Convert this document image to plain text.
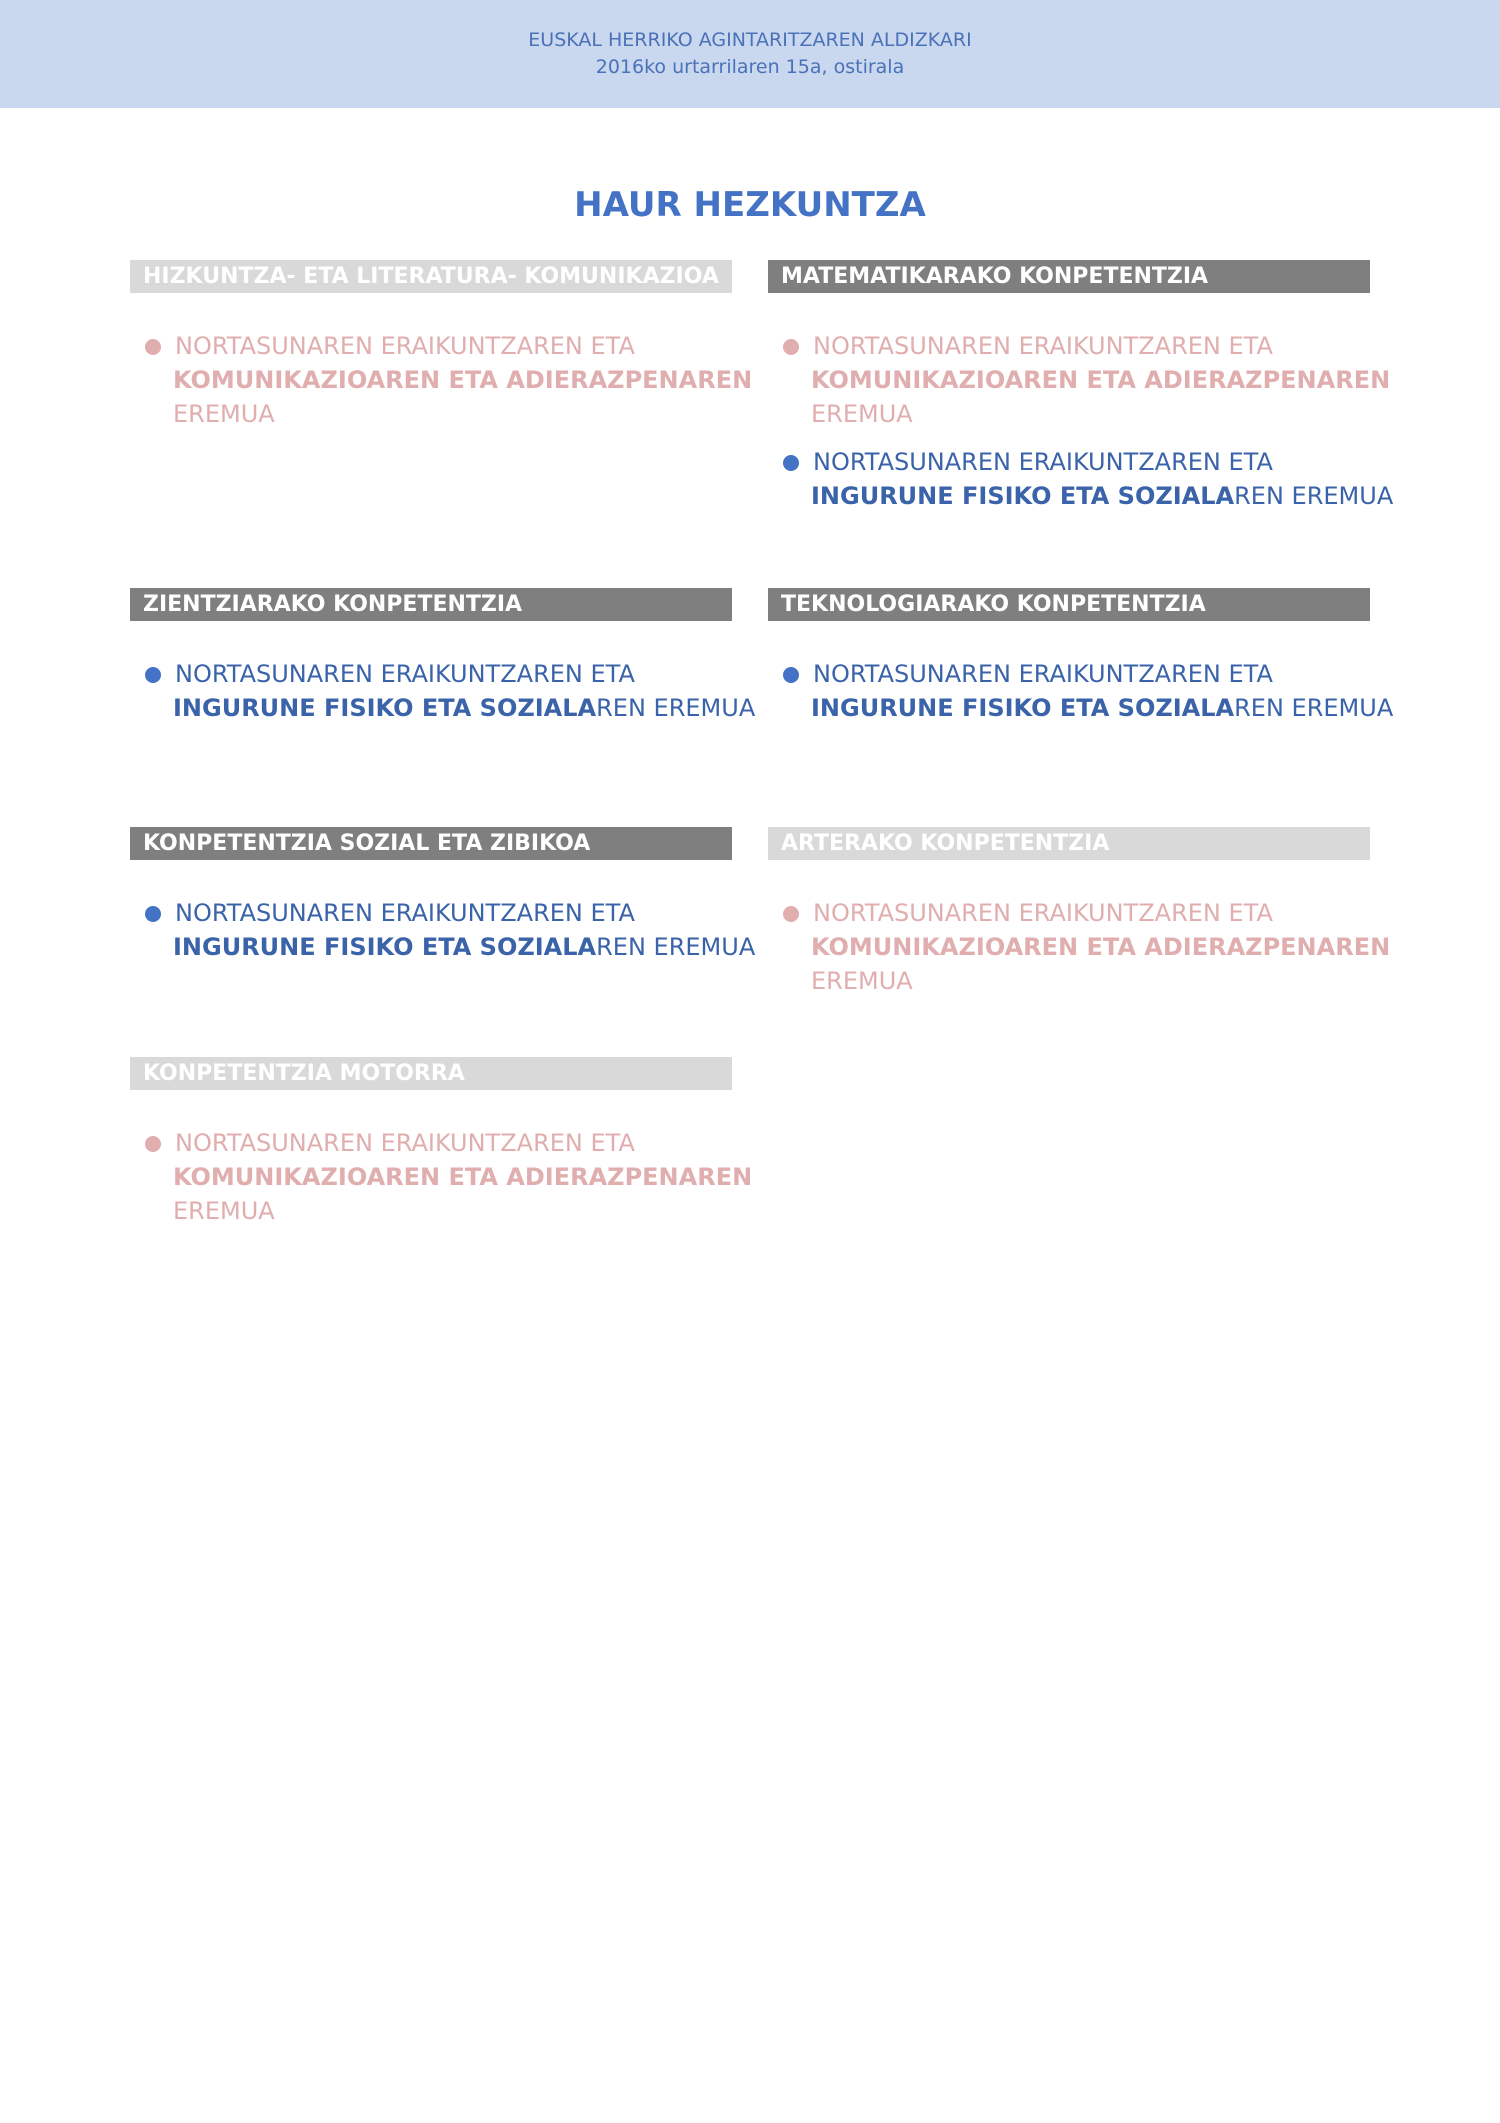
EUSKAL HERRIKO AGINTARITZAREN ALDIZKARI
2016ko urtarrilaren 15a, ostirala
HAUR HEZKUNTZA
HIZKUNTZA- ETA LITERATURA- KOMUNIKAZIOA
NORTASUNAREN ERAIKUNTZAREN ETA
KOMUNIKAZIOAREN ETA ADIERAZPENAREN
EREMUA
MATEMATIKARAKO KONPETENTZIA
NORTASUNAREN ERAIKUNTZAREN ETA
KOMUNIKAZIOAREN ETA ADIERAZPENAREN
EREMUA
NORTASUNAREN ERAIKUNTZAREN ETA
INGURUNE FISIKO ETA SOZIALAREN EREMUA
ZIENTZIARAKO KONPETENTZIA
NORTASUNAREN ERAIKUNTZAREN ETA
INGURUNE FISIKO ETA SOZIALAREN EREMUA
TEKNOLOGIARAKO KONPETENTZIA
NORTASUNAREN ERAIKUNTZAREN ETA
INGURUNE FISIKO ETA SOZIALAREN EREMUA
KONPETENTZIA SOZIAL ETA ZIBIKOA
NORTASUNAREN ERAIKUNTZAREN ETA
INGURUNE FISIKO ETA SOZIALAREN EREMUA
ARTERAKO KONPETENTZIA
NORTASUNAREN ERAIKUNTZAREN ETA
KOMUNIKAZIOAREN ETA ADIERAZPENAREN
EREMUA
KONPETENTZIA MOTORRA
NORTASUNAREN ERAIKUNTZAREN ETA
KOMUNIKAZIOAREN ETA ADIERAZPENAREN
EREMUA
